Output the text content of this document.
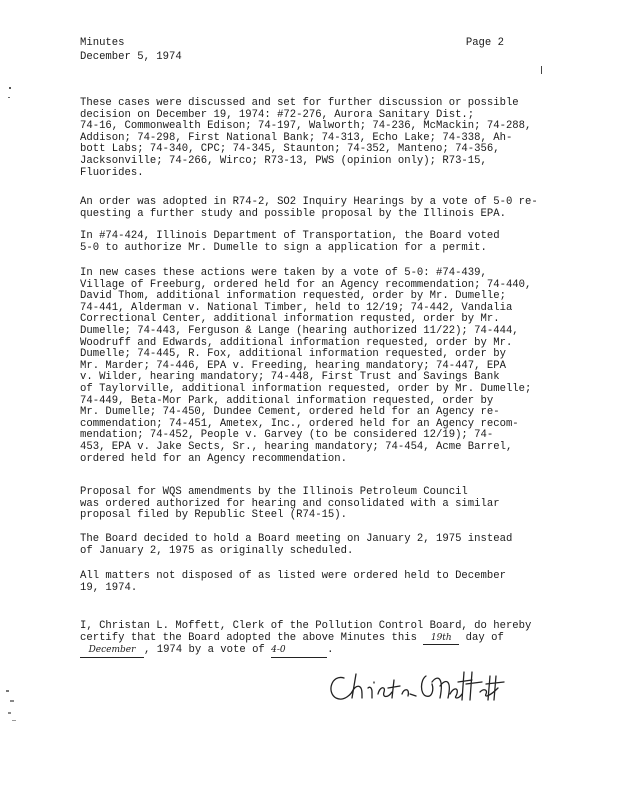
Minutes
December 5, 1974
Page 2
These cases were discussed and set for further discussion or possible
decision on December 19, 1974: #72-276, Aurora Sanitary Dist.;
74-16, Commonwealth Edison; 74-197, Walworth; 74-236, McMackin; 74-288,
Addison; 74-298, First National Bank; 74-313, Echo Lake; 74-338, Ah-
bott Labs; 74-340, CPC; 74-345, Staunton; 74-352, Manteno; 74-356,
Jacksonville; 74-266, Wirco; R73-13, PWS (opinion only); R73-15,
Fluorides.
An order was adopted in R74-2, SO2 Inquiry Hearings by a vote of 5-0 re-
questing a further study and possible proposal by the Illinois EPA.
In #74-424, Illinois Department of Transportation, the Board voted
5-0 to authorize Mr. Dumelle to sign a application for a permit.
In new cases these actions were taken by a vote of 5-0: #74-439,
Village of Freeburg, ordered held for an Agency recommendation; 74-440,
David Thom, additional information requested, order by Mr. Dumelle;
74-441, Alderman v. National Timber, held to 12/19; 74-442, Vandalia
Correctional Center, additional information requsted, order by Mr.
Dumelle; 74-443, Ferguson & Lange (hearing authorized 11/22); 74-444,
Woodruff and Edwards, additional information requested, order by Mr.
Dumelle; 74-445, R. Fox, additional information requested, order by
Mr. Marder; 74-446, EPA v. Freeding, hearing mandatory; 74-447, EPA
v. Wilder, hearing mandatory; 74-448, First Trust and Savings Bank
of Taylorville, additional information requested, order by Mr. Dumelle;
74-449, Beta-Mor Park, additional information requested, order by
Mr. Dumelle; 74-450, Dundee Cement, ordered held for an Agency re-
commendation; 74-451, Ametex, Inc., ordered held for an Agency recom-
mendation; 74-452, People v. Garvey (to be considered 12/19); 74-
453, EPA v. Jake Sects, Sr., hearing mandatory; 74-454, Acme Barrel,
ordered held for an Agency recommendation.
Proposal for WQS amendments by the Illinois Petroleum Council
was ordered authorized for hearing and consolidated with a similar
proposal filed by Republic Steel (R74-15).
The Board decided to hold a Board meeting on January 2, 1975 instead
of January 2, 1975 as originally scheduled.
All matters not disposed of as listed were ordered held to December
19, 1974.
I, Christan L. Moffett, Clerk of the Pollution Control Board, do hereby
certify that the Board adopted the above Minutes this 19th day of
December , 1974 by a vote of 4-0	.
